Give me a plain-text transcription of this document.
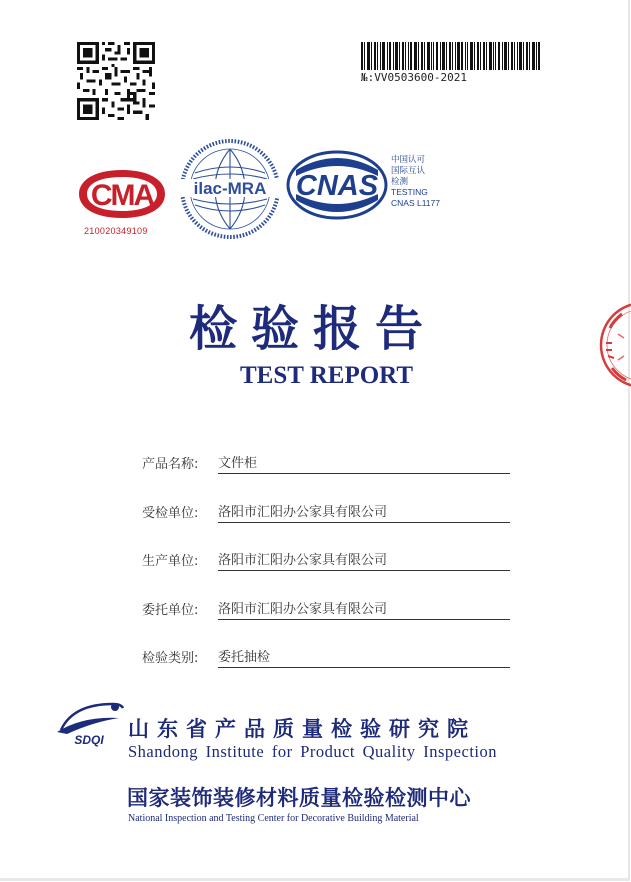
№:VV0503600-2021
CMA
210020349109
ilac-MRA CNAS
中国认可
国际互认
检测
TESTING
CNAS L1177
检验报告
TEST REPORT
产品名称: 文件柜
受检单位: 洛阳市汇阳办公家具有限公司
生产单位: 洛阳市汇阳办公家具有限公司
委托单位: 洛阳市汇阳办公家具有限公司
检验类别: 委托抽检
SDQI 山东省产品质量检验研究院
Shandong Institute for Product Quality Inspection
国家装饰装修材料质量检验检测中心
National Inspection and Testing Center for Decorative Building Material
